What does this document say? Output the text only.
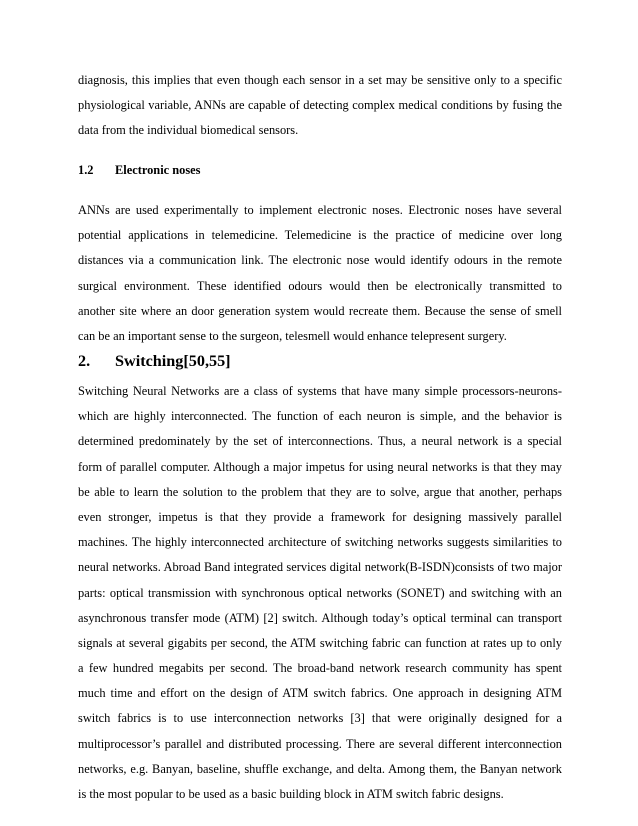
diagnosis, this implies that even though each sensor in a set may be sensitive only to a specific
physiological variable, ANNs are capable of detecting complex medical conditions by fusing the
data from the individual biomedical sensors.
1.2 Electronic noses
ANNs are used experimentally to implement electronic noses. Electronic noses have several
potential applications in telemedicine. Telemedicine is the practice of medicine over long
distances via a communication link. The electronic nose would identify odours in the remote
surgical environment. These identified odours would then be electronically transmitted to
another site where an door generation system would recreate them. Because the sense of smell
can be an important sense to the surgeon, telesmell would enhance telepresent surgery.
2. Switching[50,55]
Switching Neural Networks are a class of systems that have many simple processors-neurons-
which are highly interconnected. The function of each neuron is simple, and the behavior is
determined predominately by the set of interconnections. Thus, a neural network is a special
form of parallel computer. Although a major impetus for using neural networks is that they may
be able to learn the solution to the problem that they are to solve, argue that another, perhaps
even stronger, impetus is that they provide a framework for designing massively parallel
machines. The highly interconnected architecture of switching networks suggests similarities to
neural networks. Abroad Band integrated services digital network(B-ISDN)consists of two major
parts: optical transmission with synchronous optical networks (SONET) and switching with an
asynchronous transfer mode (ATM) [2] switch. Although today’s optical terminal can transport
signals at several gigabits per second, the ATM switching fabric can function at rates up to only
a few hundred megabits per second. The broad-band network research community has spent
much time and effort on the design of ATM switch fabrics. One approach in designing ATM
switch fabrics is to use interconnection networks [3] that were originally designed for a
multiprocessor’s parallel and distributed processing. There are several different interconnection
networks, e.g. Banyan, baseline, shuffle exchange, and delta. Among them, the Banyan network
is the most popular to be used as a basic building block in ATM switch fabric designs.
